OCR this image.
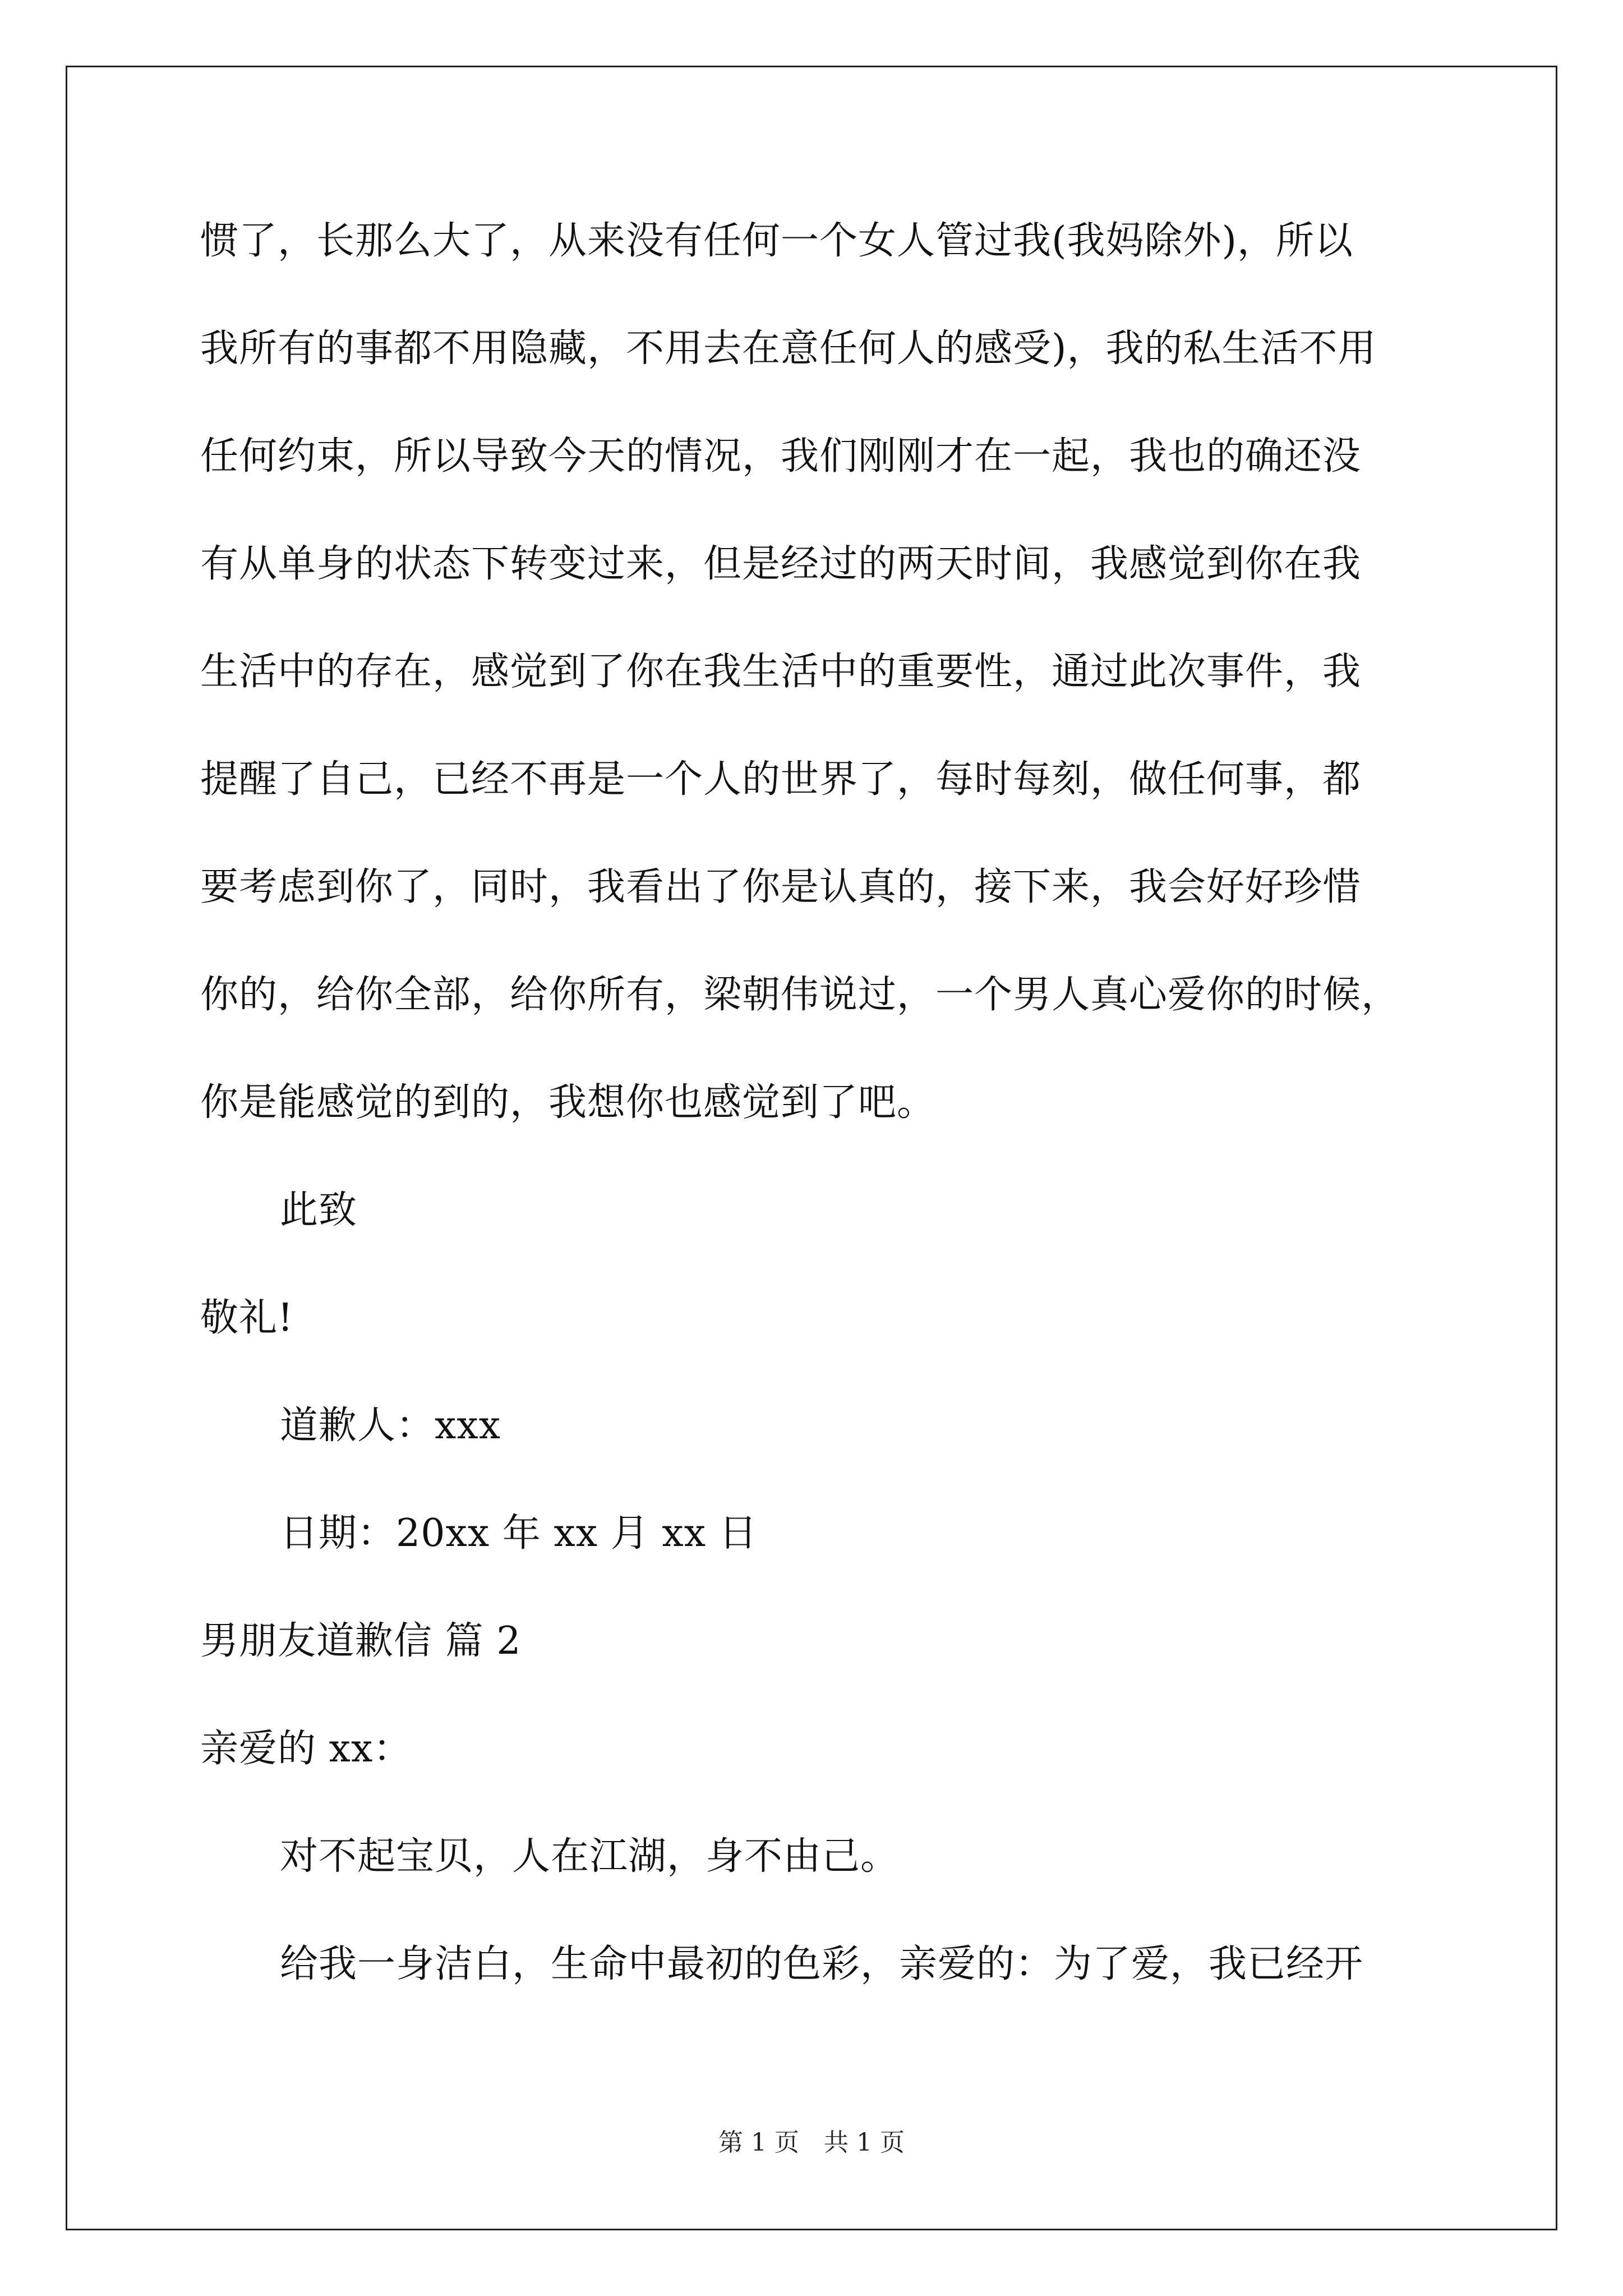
惯了，长那么大了，从来没有任何一个女人管过我(我妈除外)，所以
我所有的事都不用隐藏，不用去在意任何人的感受)，我的私生活不用
任何约束，所以导致今天的情况，我们刚刚才在一起，我也的确还没
有从单身的状态下转变过来，但是经过的两天时间，我感觉到你在我
生活中的存在，感觉到了你在我生活中的重要性，通过此次事件，我
提醒了自己，已经不再是一个人的世界了，每时每刻，做任何事，都
要考虑到你了，同时，我看出了你是认真的，接下来，我会好好珍惜
你的，给你全部，给你所有，梁朝伟说过，一个男人真心爱你的时候，
你是能感觉的到的，我想你也感觉到了吧。
此致
敬礼!
道歉人：xxx
日期：20xx 年 xx 月 xx 日
男朋友道歉信 篇 2
亲爱的 xx：
对不起宝贝，人在江湖，身不由己。
给我一身洁白，生命中最初的色彩，亲爱的：为了爱，我已经开
第 1 页　共 1 页
